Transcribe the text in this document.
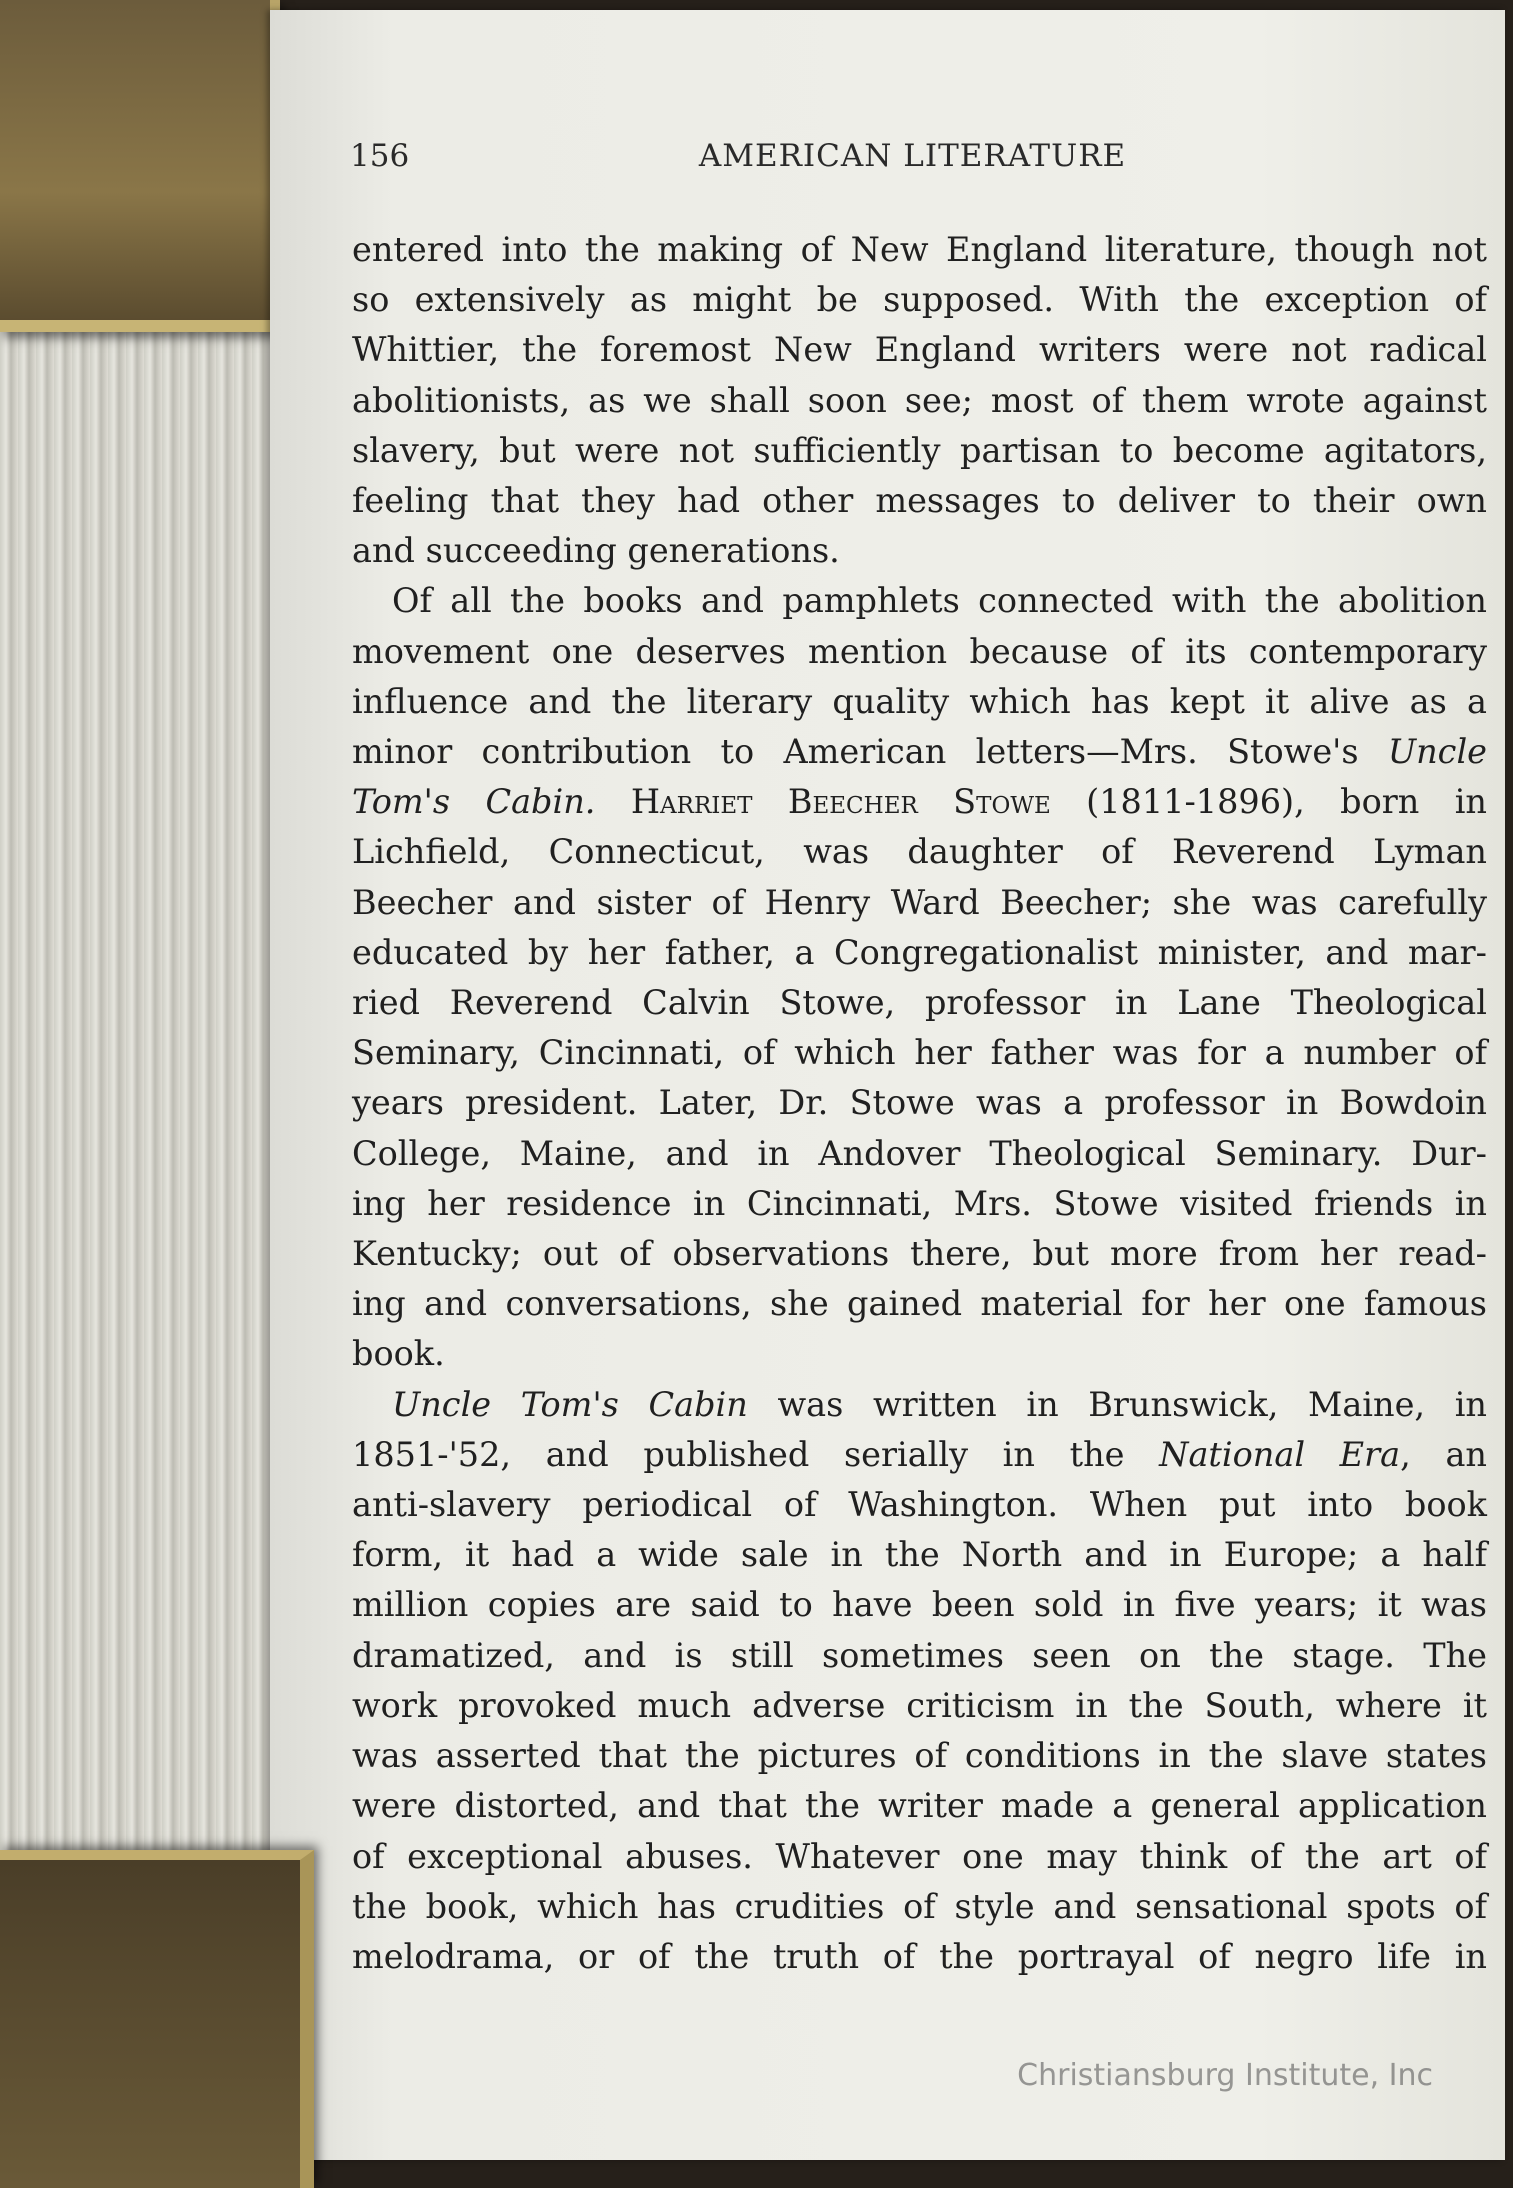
156	AMERICAN LITERATURE
entered into the making of New England literature, though not
so extensively as might be supposed. With the exception of
Whittier, the foremost New England writers were not radical
abolitionists, as we shall soon see; most of them wrote against
slavery, but were not sufficiently partisan to become agitators,
feeling that they had other messages to deliver to their own
and succeeding generations.
Of all the books and pamphlets connected with the abolition
movement one deserves mention because of its contemporary
influence and the literary quality which has kept it alive as a
minor contribution to American letters—Mrs. Stowe's Uncle
Tom's Cabin. Harriet Beecher Stowe (1811-1896), born in
Lichfield, Connecticut, was daughter of Reverend Lyman
Beecher and sister of Henry Ward Beecher; she was carefully
educated by her father, a Congregationalist minister, and mar-
ried Reverend Calvin Stowe, professor in Lane Theological
Seminary, Cincinnati, of which her father was for a number of
years president. Later, Dr. Stowe was a professor in Bowdoin
College, Maine, and in Andover Theological Seminary. Dur-
ing her residence in Cincinnati, Mrs. Stowe visited friends in
Kentucky; out of observations there, but more from her read-
ing and conversations, she gained material for her one famous
book.
Uncle Tom's Cabin was written in Brunswick, Maine, in
1851-'52, and published serially in the National Era, an
anti-slavery periodical of Washington. When put into book
form, it had a wide sale in the North and in Europe; a half
million copies are said to have been sold in five years; it was
dramatized, and is still sometimes seen on the stage. The
work provoked much adverse criticism in the South, where it
was asserted that the pictures of conditions in the slave states
were distorted, and that the writer made a general application
of exceptional abuses. Whatever one may think of the art of
the book, which has crudities of style and sensational spots of
melodrama, or of the truth of the portrayal of negro life in
Christiansburg Institute, Inc
